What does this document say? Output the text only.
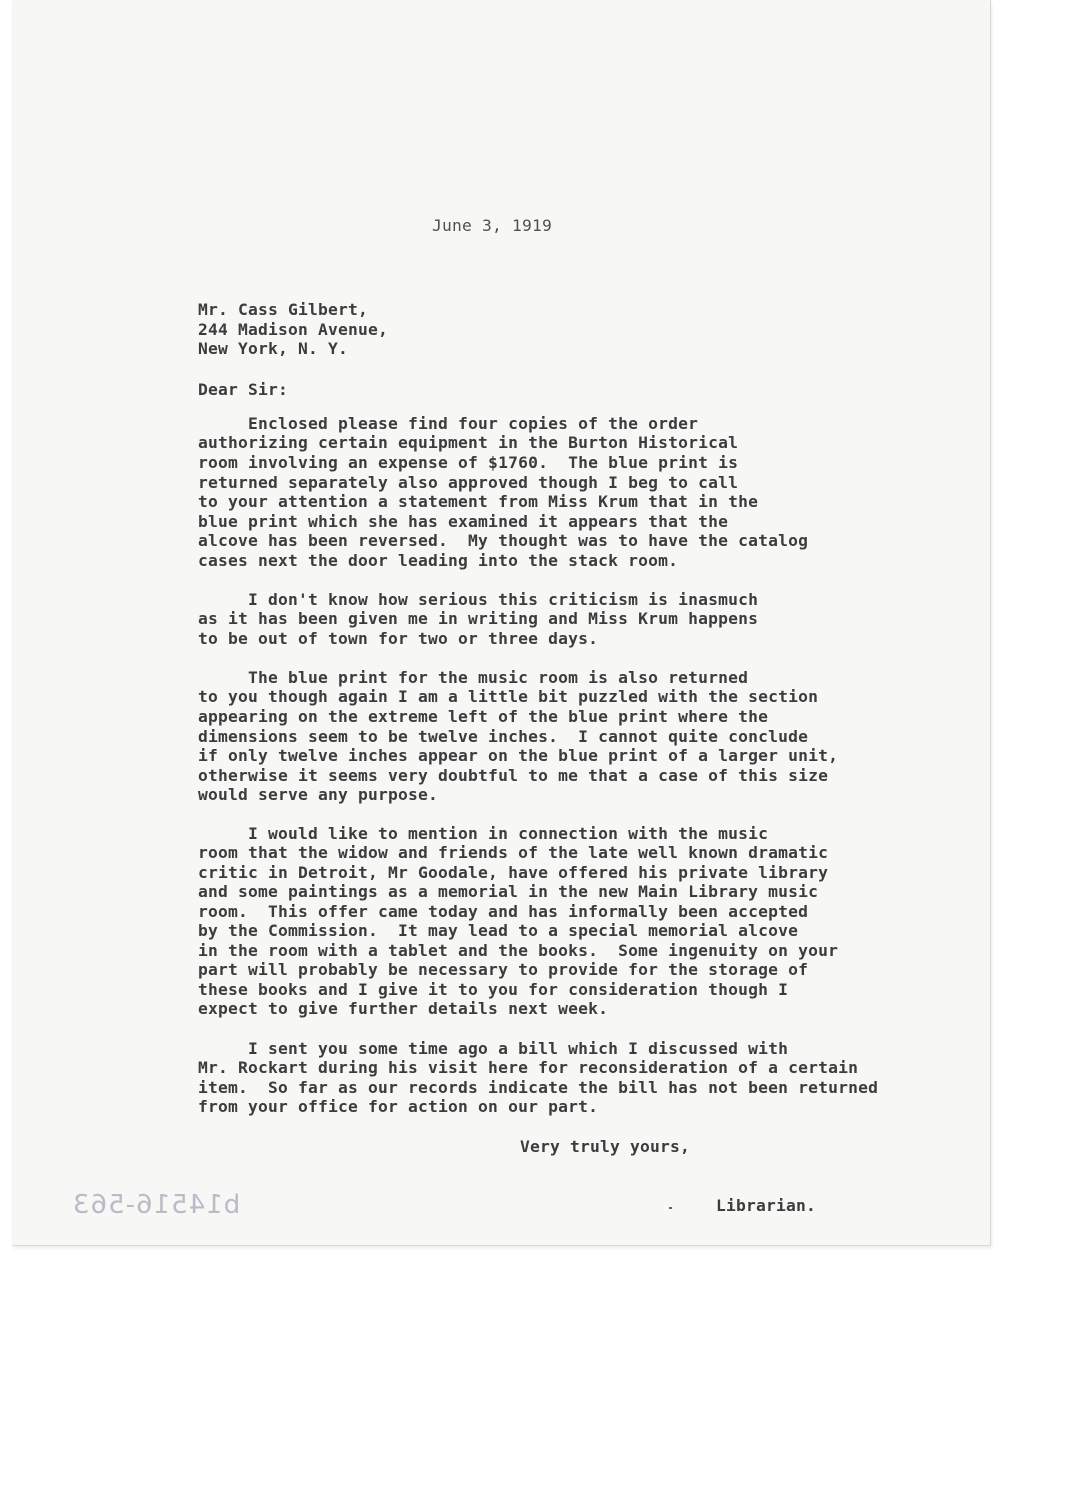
June 3, 1919
Mr. Cass Gilbert,
244 Madison Avenue,
New York, N. Y.
Dear Sir:
Enclosed please find four copies of the order
authorizing certain equipment in the Burton Historical
room involving an expense of $1760.  The blue print is
returned separately also approved though I beg to call
to your attention a statement from Miss Krum that in the
blue print which she has examined it appears that the
alcove has been reversed.  My thought was to have the catalog
cases next the door leading into the stack room.
I don't know how serious this criticism is inasmuch
as it has been given me in writing and Miss Krum happens
to be out of town for two or three days.
The blue print for the music room is also returned
to you though again I am a little bit puzzled with the section
appearing on the extreme left of the blue print where the
dimensions seem to be twelve inches.  I cannot quite conclude
if only twelve inches appear on the blue print of a larger unit,
otherwise it seems very doubtful to me that a case of this size
would serve any purpose.
I would like to mention in connection with the music
room that the widow and friends of the late well known dramatic
critic in Detroit, Mr Goodale, have offered his private library
and some paintings as a memorial in the new Main Library music
room.  This offer came today and has informally been accepted
by the Commission.  It may lead to a special memorial alcove
in the room with a tablet and the books.  Some ingenuity on your
part will probably be necessary to provide for the storage of
these books and I give it to you for consideration though I
expect to give further details next week.
I sent you some time ago a bill which I discussed with
Mr. Rockart during his visit here for reconsideration of a certain
item.  So far as our records indicate the bill has not been returned
from your office for action on our part.
Very truly yours,
Librarian.
b14516-563
